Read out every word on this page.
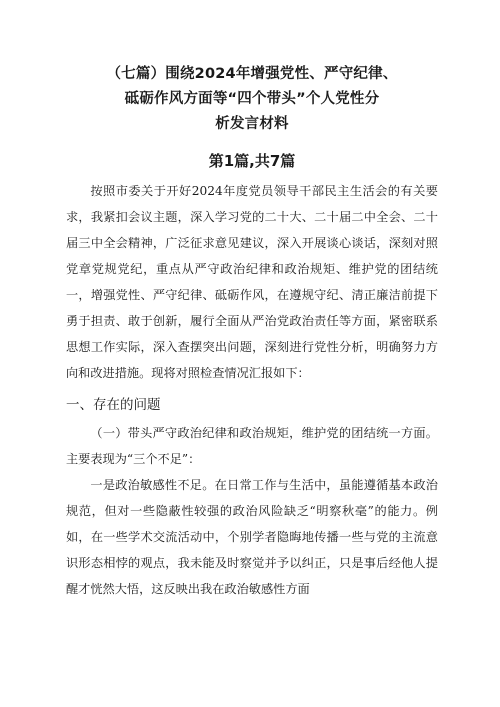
（七篇）围绕2024年增强党性、严守纪律、
砥砺作风方面等“四个带头”个人党性分
析发言材料
第1篇,共7篇

按照市委关于开好2024年度党员领导干部民主生活会的有关要求，我紧扣会议主题，深入学习党的二十大、二十届二中全会、二十届三中全会精神，广泛征求意见建议，深入开展谈心谈话，深刻对照党章党规党纪，重点从严守政治纪律和政治规矩、维护党的团结统一，增强党性、严守纪律、砥砺作风，在遵规守纪、清正廉洁前提下勇于担责、敢于创新，履行全面从严治党政治责任等方面，紧密联系思想工作实际，深入查摆突出问题，深刻进行党性分析，明确努力方向和改进措施。现将对照检查情况汇报如下：

一、存在的问题

（一）带头严守政治纪律和政治规矩，维护党的团结统一方面。主要表现为“三个不足”：

一是政治敏感性不足。在日常工作与生活中，虽能遵循基本政治规范，但对一些隐蔽性较强的政治风险缺乏“明察秋毫”的能力。例如，在一些学术交流活动中，个别学者隐晦地传播一些与党的主流意识形态相悖的观点，我未能及时察觉并予以纠正，只是事后经他人提醒才恍然大悟，这反映出我在政治敏感性方面
